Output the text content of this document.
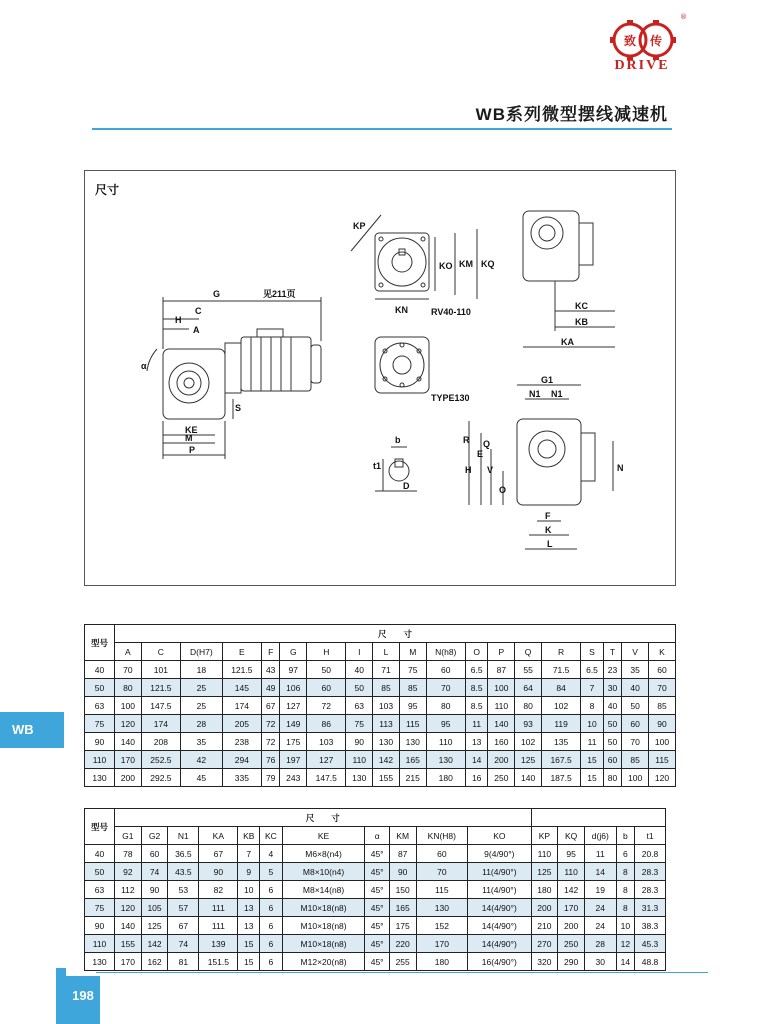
致 传
®
DRIVE
WB系列微型摆线减速机
尺寸
G	见211页
C
H
A
α
S
KE
M
P
KP
KO KM KQ
KN	RV40-110
TYPE130
b
t1
D
KC
KB
KA
G1
N1 N1
R
H
E
V
O
Q
N
F
K
L
WB
型号	尺　　寸																		
	A	C	D(H7)	E	F	G	H	I	L	M	N(h8)	O	P	Q	R	S	T	V	K
40	70	101	18	121.5	43	97	50	40	71	75	60	6.5	87	55	71.5	6.5	23	35	60
50	80	121.5	25	145	49	106	60	50	85	85	70	8.5	100	64	84	7	30	40	70
63	100	147.5	25	174	67	127	72	63	103	95	80	8.5	110	80	102	8	40	50	85
75	120	174	28	205	72	149	86	75	113	115	95	11	140	93	119	10	50	60	90
90	140	208	35	238	72	175	103	90	130	130	110	13	160	102	135	11	50	70	100
110	170	252.5	42	294	76	197	127	110	142	165	130	14	200	125	167.5	15	60	85	115
130	200	292.5	45	335	79	243	147.5	130	155	215	180	16	250	140	187.5	15	80	100	120
型号	尺　　寸															
	G1	G2	N1	KA	KB	KC	KE	α	KM	KN(H8)	KO	KP	KQ	d(j6)	b	t1
40	78	60	36.5	67	7	4	M6×8(n4)	45°	87	60	9(4/90°)	110	95	11	6	20.8
50	92	74	43.5	90	9	5	M8×10(n4)	45°	90	70	11(4/90°)	125	110	14	8	28.3
63	112	90	53	82	10	6	M8×14(n8)	45°	150	115	11(4/90°)	180	142	19	8	28.3
75	120	105	57	111	13	6	M10×18(n8)	45°	165	130	14(4/90°)	200	170	24	8	31.3
90	140	125	67	111	13	6	M10×18(n8)	45°	175	152	14(4/90°)	210	200	24	10	38.3
110	155	142	74	139	15	6	M10×18(n8)	45°	220	170	14(4/90°)	270	250	28	12	45.3
130	170	162	81	151.5	15	6	M12×20(n8)	45°	255	180	16(4/90°)	320	290	30	14	48.8
198
